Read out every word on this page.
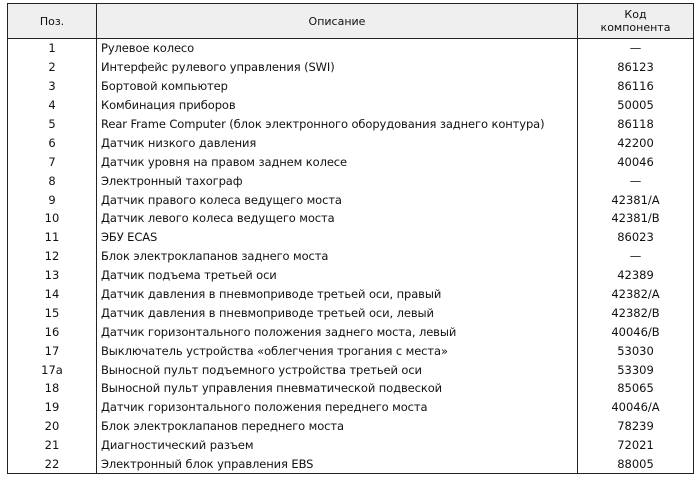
Поз.	Описание	Код
компонента

1	Рулевое колесо	—
2	Интерфейс рулевого управления (SWI)	86123
3	Бортовой компьютер	86116
4	Комбинация приборов	50005
5	Rear Frame Computer (блок электронного оборудования заднего контура)	86118
6	Датчик низкого давления	42200
7	Датчик уровня на правом заднем колесе	40046
8	Электронный тахограф	—
9	Датчик правого колеса ведущего моста	42381/A
10	Датчик левого колеса ведущего моста	42381/B
11	ЭБУ ECAS	86023
12	Блок электроклапанов заднего моста	—
13	Датчик подъема третьей оси	42389
14	Датчик давления в пневмоприводе третьей оси, правый	42382/A
15	Датчик давления в пневмоприводе третьей оси, левый	42382/B
16	Датчик горизонтального положения заднего моста, левый	40046/B
17	Выключатель устройства «облегчения трогания с места»	53030
17a	Выносной пульт подъемного устройства третьей оси	53309
18	Выносной пульт управления пневматической подвеской	85065
19	Датчик горизонтального положения переднего моста	40046/A
20	Блок электроклапанов переднего моста	78239
21	Диагностический разъем	72021
22	Электронный блок управления EBS	88005
